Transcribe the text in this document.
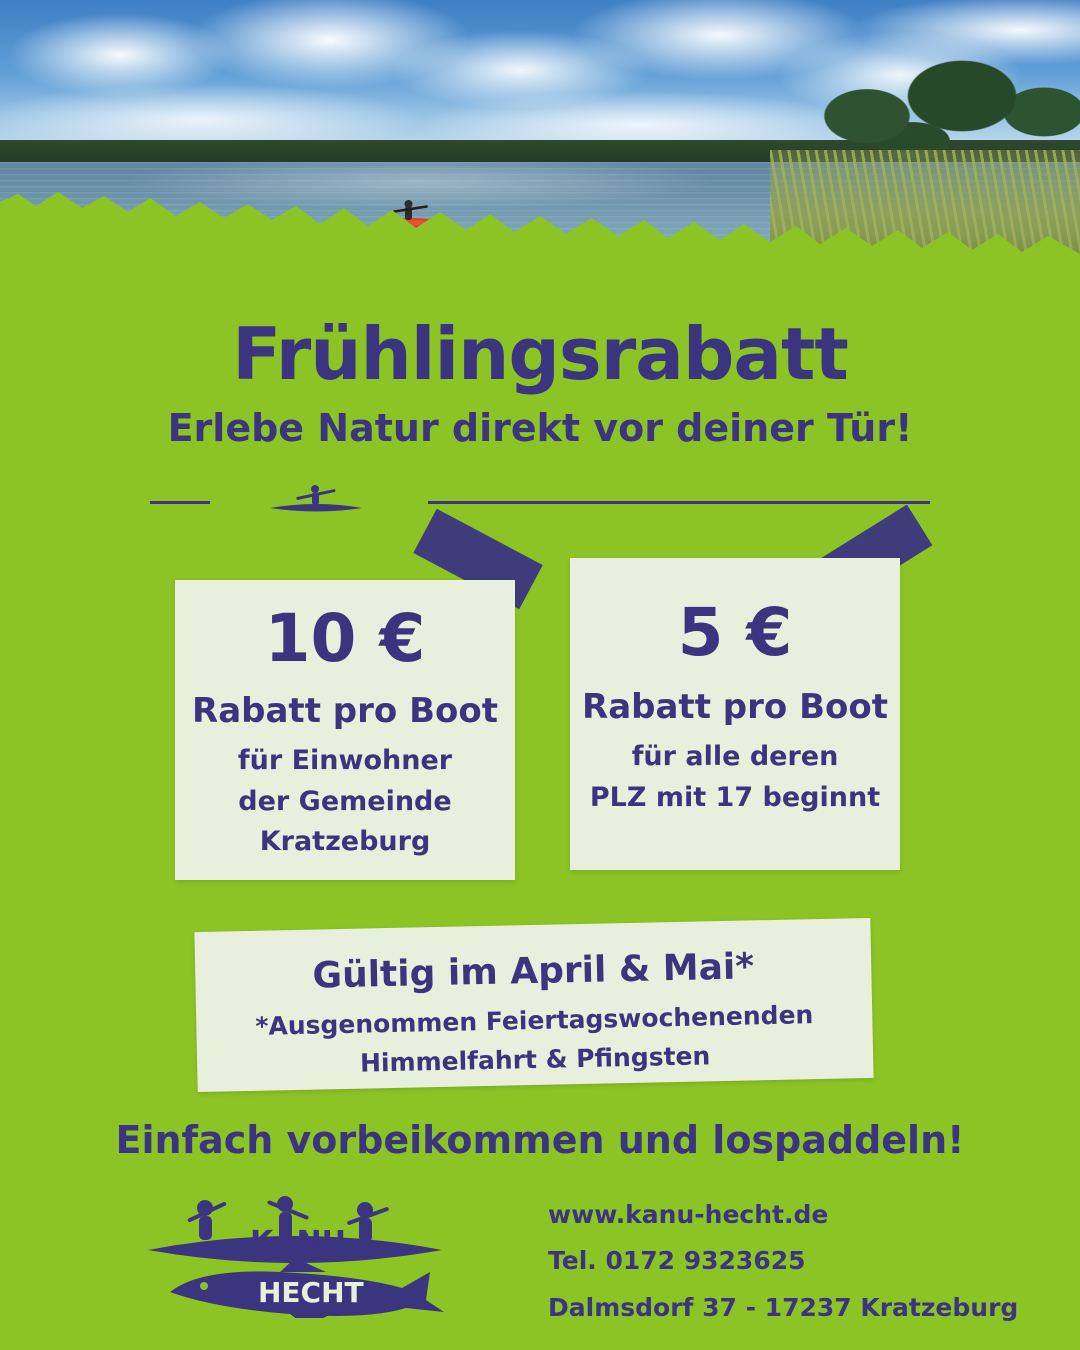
Frühlingsrabatt
Erlebe Natur direkt vor deiner Tür!
10 €
Rabatt pro Boot
für Einwohner
der Gemeinde
Kratzeburg
5 €
Rabatt pro Boot
für alle deren
PLZ mit 17 beginnt
Gültig im April & Mai*
*Ausgenommen Feiertagswochenenden
Himmelfahrt & Pfingsten
Einfach vorbeikommen und lospaddeln!
KANU-
HECHT
www.kanu-hecht.de
Tel. 0172 9323625
Dalmsdorf 37 - 17237 Kratzeburg
